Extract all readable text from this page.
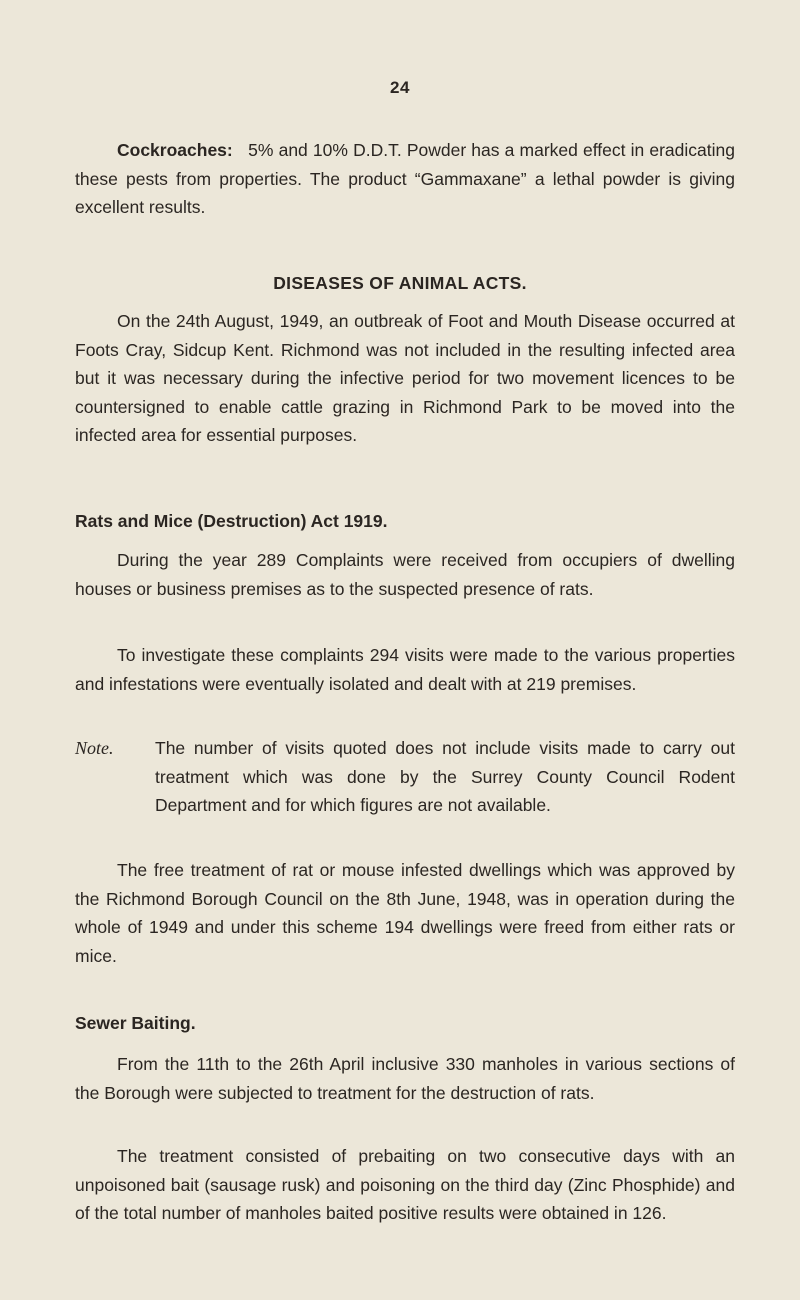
24

Cockroaches: 5% and 10% D.D.T. Powder has a marked effect in eradicating these pests from properties. The product “Gammaxane” a lethal powder is giving excellent results.

DISEASES OF ANIMAL ACTS.

On the 24th August, 1949, an outbreak of Foot and Mouth Disease occurred at Foots Cray, Sidcup Kent. Richmond was not included in the resulting infected area but it was necessary during the infective period for two movement licences to be countersigned to enable cattle grazing in Richmond Park to be moved into the infected area for essential purposes.

Rats and Mice (Destruction) Act 1919.

During the year 289 Complaints were received from occupiers of dwelling houses or business premises as to the suspected presence of rats.

To investigate these complaints 294 visits were made to the various properties and infestations were eventually isolated and dealt with at 219 premises.

Note. The number of visits quoted does not include visits made to carry out treatment which was done by the Surrey County Council Rodent Department and for which figures are not available.

The free treatment of rat or mouse infested dwellings which was approved by the Richmond Borough Council on the 8th June, 1948, was in operation during the whole of 1949 and under this scheme 194 dwellings were freed from either rats or mice.

Sewer Baiting.

From the 11th to the 26th April inclusive 330 manholes in various sections of the Borough were subjected to treatment for the destruction of rats.

The treatment consisted of prebaiting on two consecutive days with an unpoisoned bait (sausage rusk) and poisoning on the third day (Zinc Phosphide) and of the total number of manholes baited positive results were obtained in 126.
